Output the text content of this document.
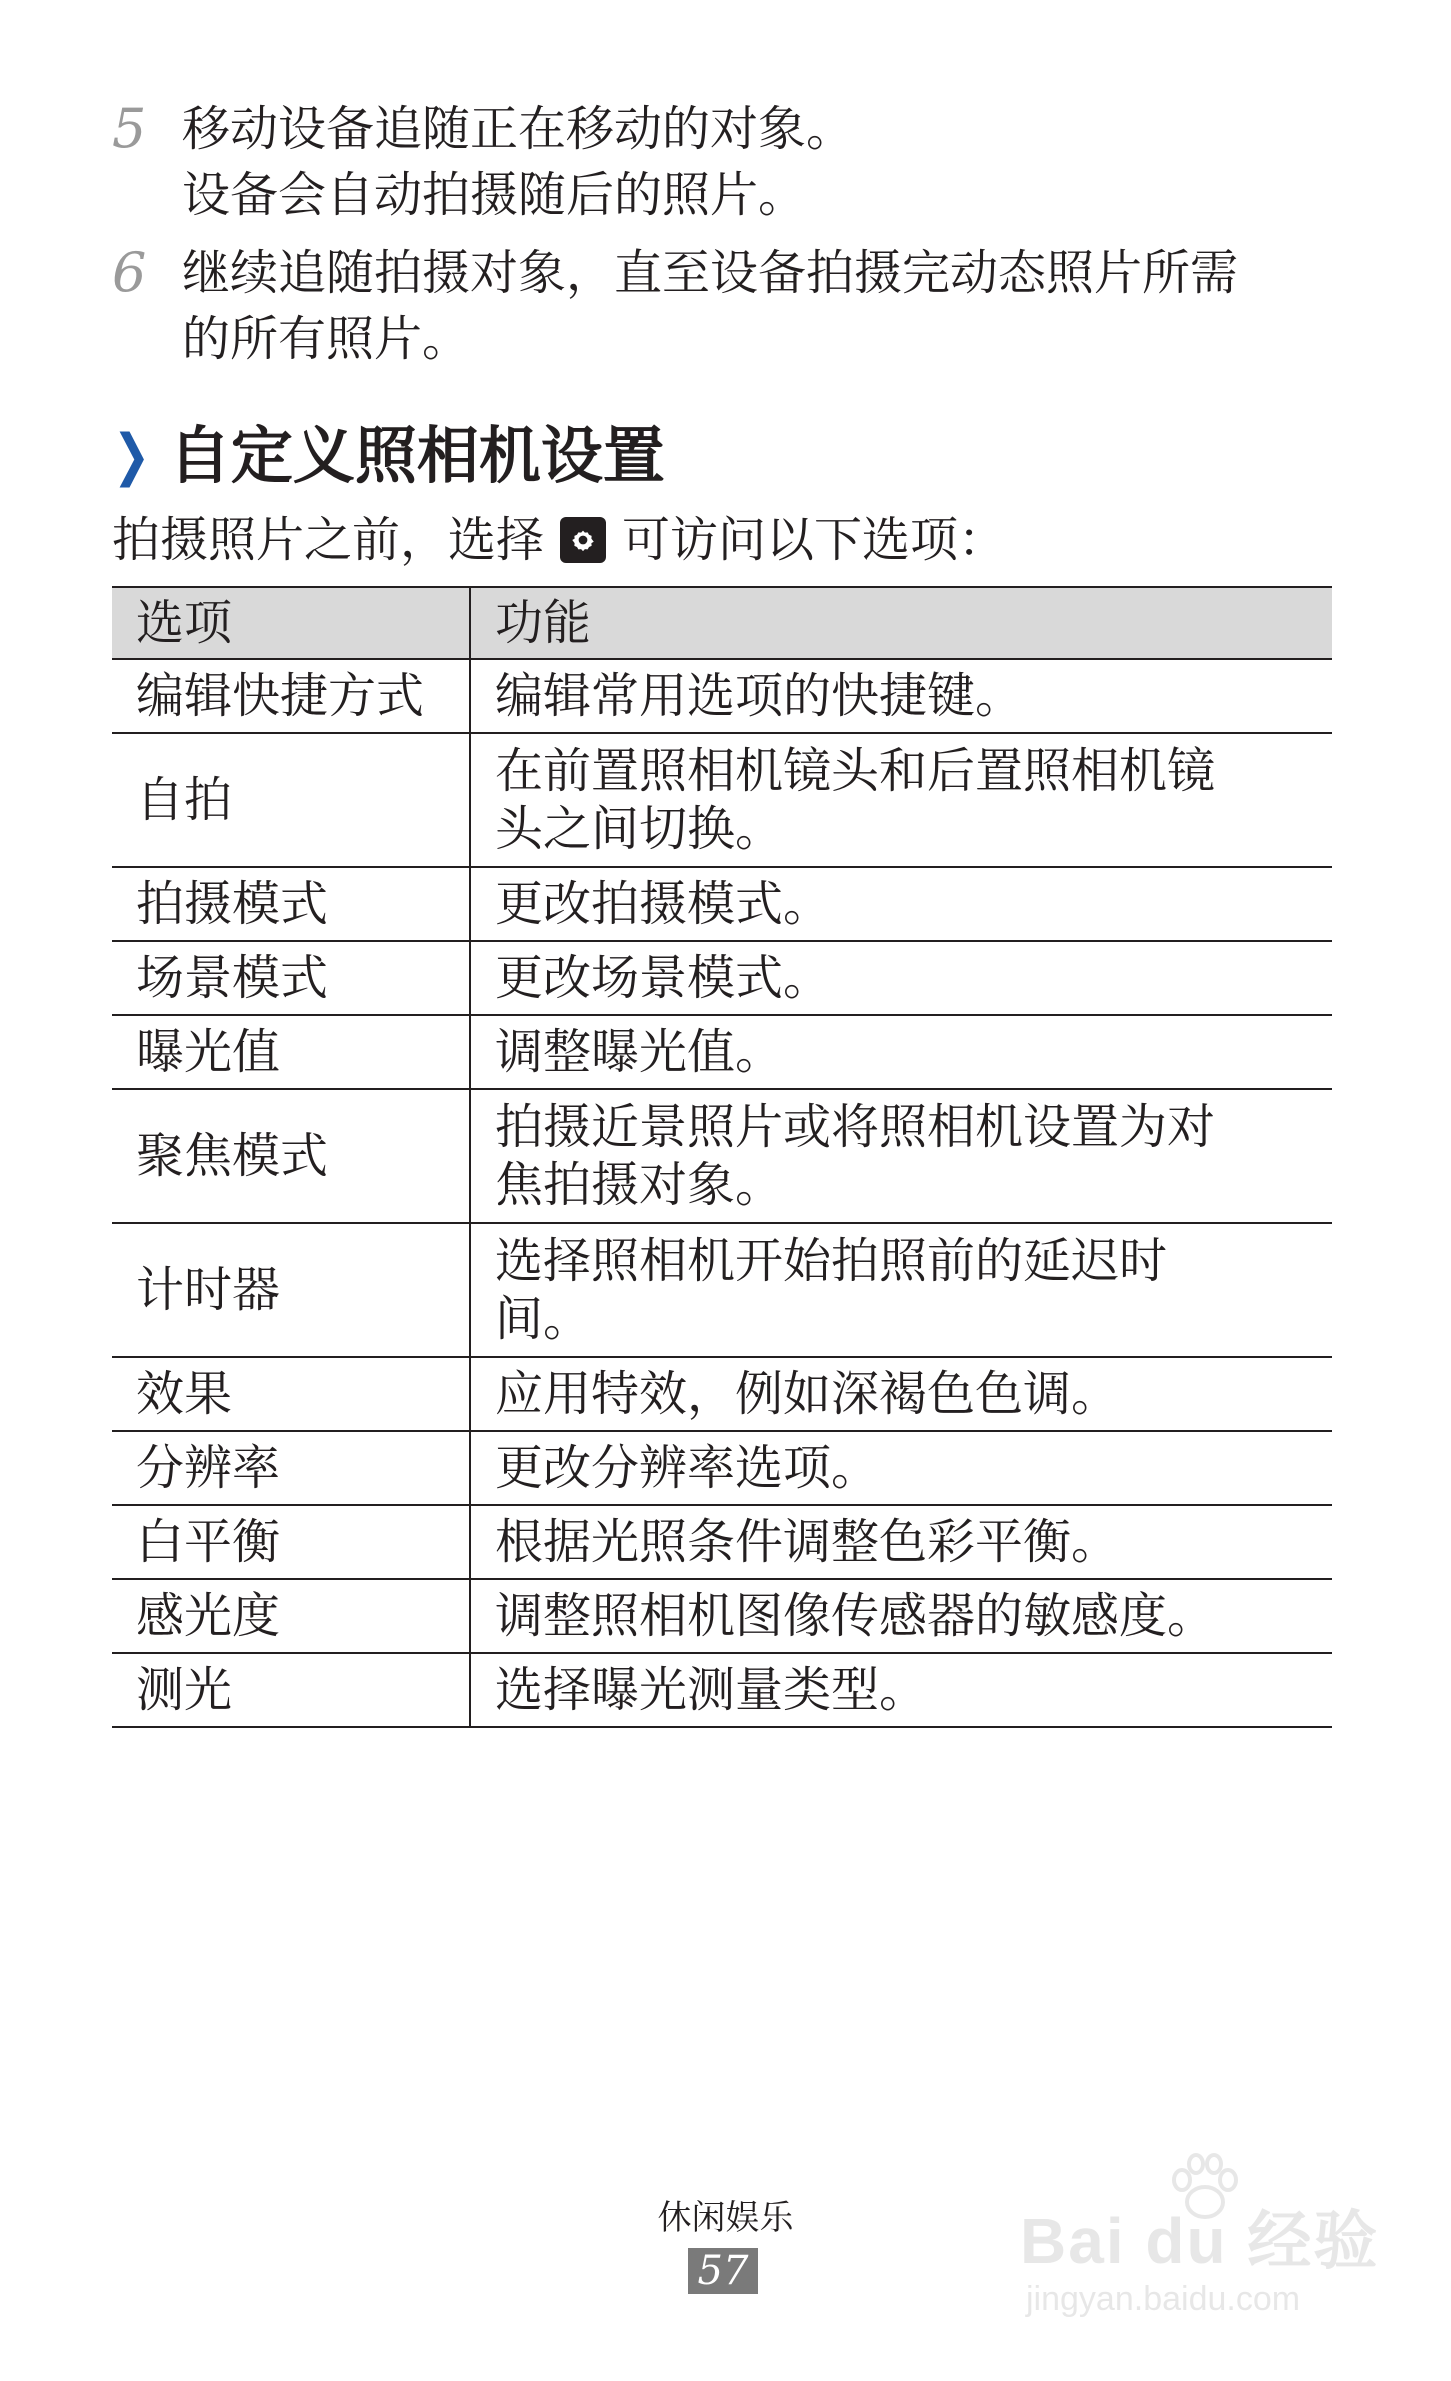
5 移动设备追随正在移动的对象。
设备会自动拍摄随后的照片。
6 继续追随拍摄对象，直至设备拍摄完动态照片所需
的所有照片。
❯ 自定义照相机设置
拍摄照片之前，选择 可访问以下选项：
选项	功能
编辑快捷方式	编辑常用选项的快捷键。
自拍	在前置照相机镜头和后置照相机镜
头之间切换。

拍摄模式	更改拍摄模式。
场景模式	更改场景模式。
曝光值	调整曝光值。
聚焦模式	拍摄近景照片或将照相机设置为对
焦拍摄对象。

计时器	选择照相机开始拍照前的延迟时
间。

效果	应用特效，例如深褐色色调。
分辨率	更改分辨率选项。
白平衡	根据光照条件调整色彩平衡。
感光度	调整照相机图像传感器的敏感度。
测光	选择曝光测量类型。
休闲娱乐
57	Bai du 经验
jingyan.baidu.com
